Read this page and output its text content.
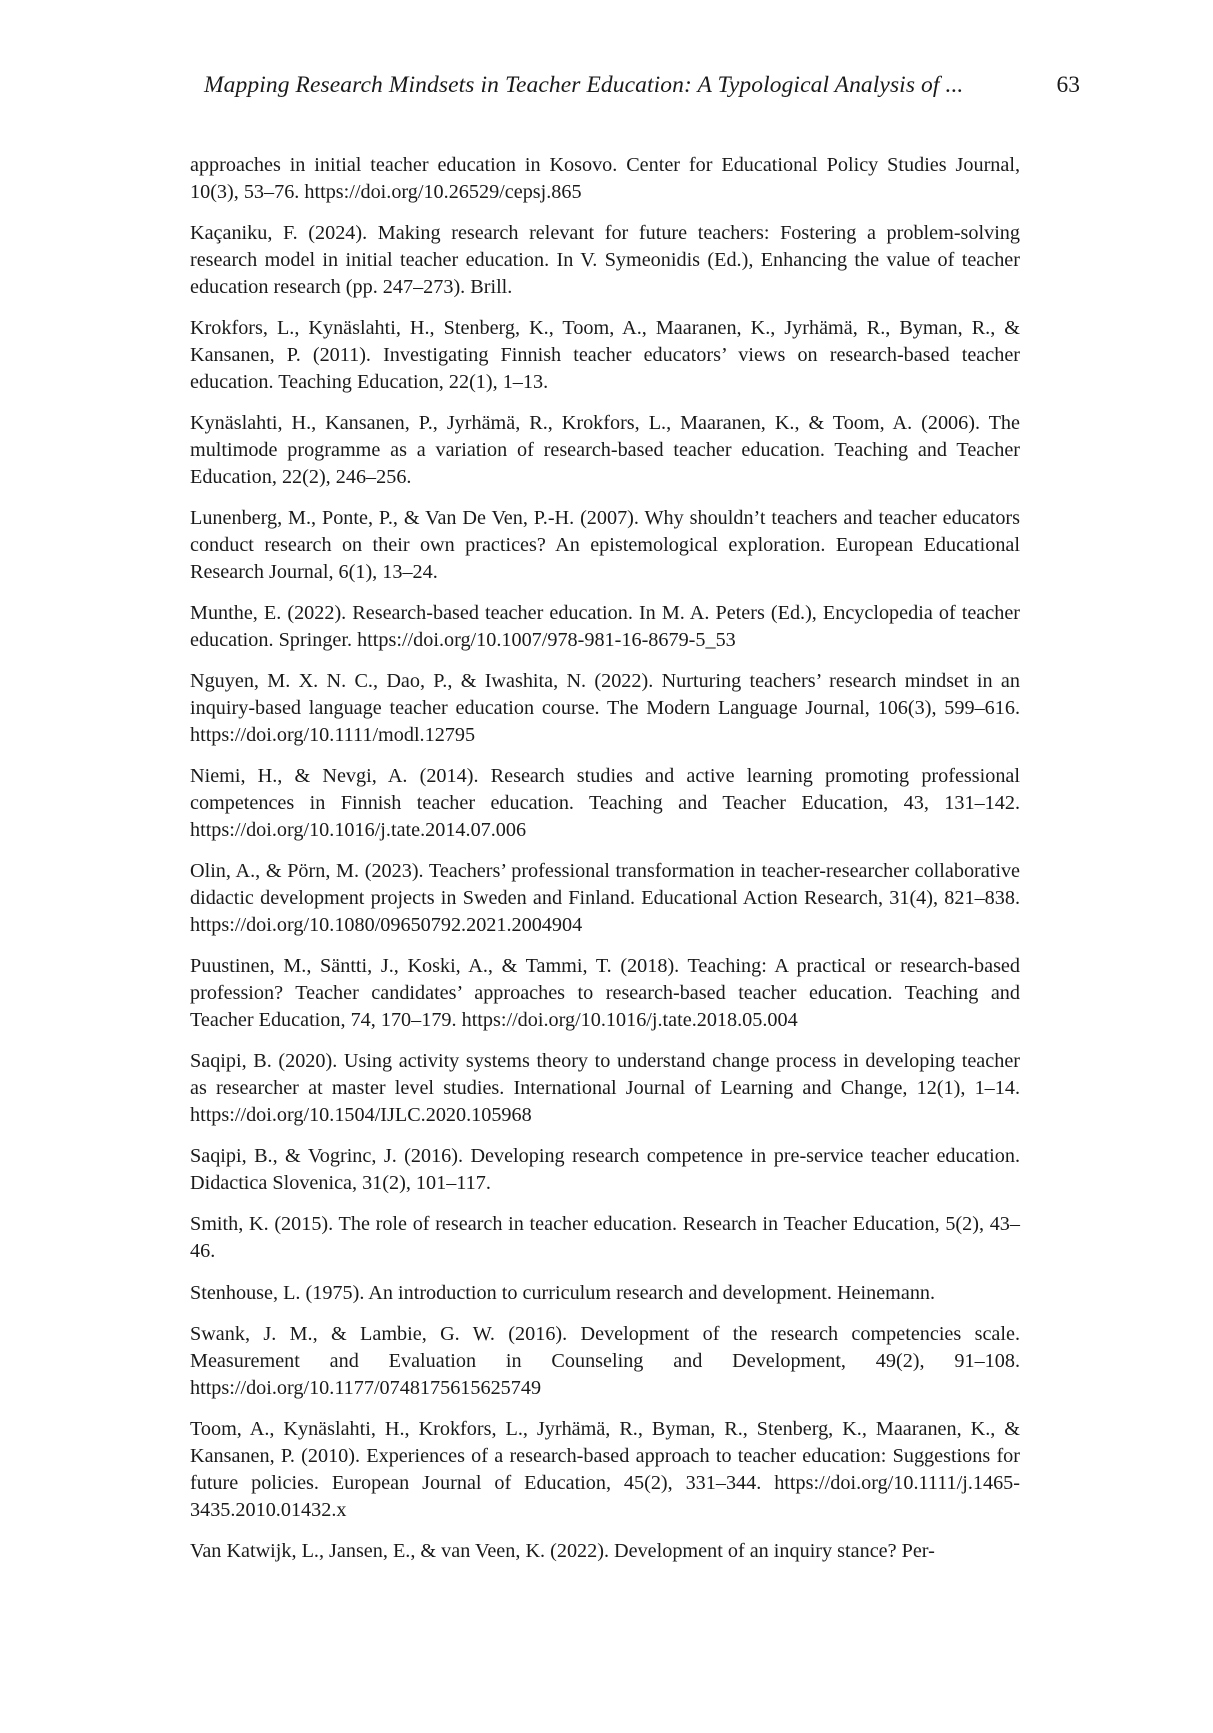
Mapping Research Mindsets in Teacher Education: A Typological Analysis of ...	63

approaches in initial teacher education in Kosovo. Center for Educational Policy Studies Journal, 10(3), 53–76. https://doi.org/10.26529/cepsj.865

Kaçaniku, F. (2024). Making research relevant for future teachers: Fostering a problem-solving research model in initial teacher education. In V. Symeonidis (Ed.), Enhancing the value of teacher education research (pp. 247–273). Brill.

Krokfors, L., Kynäslahti, H., Stenberg, K., Toom, A., Maaranen, K., Jyrhämä, R., Byman, R., & Kansanen, P. (2011). Investigating Finnish teacher educators’ views on research-based teacher education. Teaching Education, 22(1), 1–13.

Kynäslahti, H., Kansanen, P., Jyrhämä, R., Krokfors, L., Maaranen, K., & Toom, A. (2006). The multimode programme as a variation of research-based teacher education. Teaching and Teacher Education, 22(2), 246–256.

Lunenberg, M., Ponte, P., & Van De Ven, P.-H. (2007). Why shouldn’t teachers and teacher educators conduct research on their own practices? An epistemological exploration. European Educational Research Journal, 6(1), 13–24.

Munthe, E. (2022). Research-based teacher education. In M. A. Peters (Ed.), Encyclopedia of teacher education. Springer. https://doi.org/10.1007/978-981-16-8679-5_53

Nguyen, M. X. N. C., Dao, P., & Iwashita, N. (2022). Nurturing teachers’ research mindset in an inquiry-based language teacher education course. The Modern Language Journal, 106(3), 599–616. https://doi.org/10.1111/modl.12795

Niemi, H., & Nevgi, A. (2014). Research studies and active learning promoting professional competences in Finnish teacher education. Teaching and Teacher Education, 43, 131–142. https://doi.org/10.1016/j.tate.2014.07.006

Olin, A., & Pörn, M. (2023). Teachers’ professional transformation in teacher-researcher collaborative didactic development projects in Sweden and Finland. Educational Action Research, 31(4), 821–838. https://doi.org/10.1080/09650792.2021.2004904

Puustinen, M., Säntti, J., Koski, A., & Tammi, T. (2018). Teaching: A practical or research-based profession? Teacher candidates’ approaches to research-based teacher education. Teaching and Teacher Education, 74, 170–179. https://doi.org/10.1016/j.tate.2018.05.004

Saqipi, B. (2020). Using activity systems theory to understand change process in developing teacher as researcher at master level studies. International Journal of Learning and Change, 12(1), 1–14. https://doi.org/10.1504/IJLC.2020.105968

Saqipi, B., & Vogrinc, J. (2016). Developing research competence in pre-service teacher education. Didactica Slovenica, 31(2), 101–117.

Smith, K. (2015). The role of research in teacher education. Research in Teacher Education, 5(2), 43–46.

Stenhouse, L. (1975). An introduction to curriculum research and development. Heinemann.

Swank, J. M., & Lambie, G. W. (2016). Development of the research competencies scale. Measurement and Evaluation in Counseling and Development, 49(2), 91–108. https://doi.org/10.1177/0748175615625749

Toom, A., Kynäslahti, H., Krokfors, L., Jyrhämä, R., Byman, R., Stenberg, K., Maaranen, K., & Kansanen, P. (2010). Experiences of a research-based approach to teacher education: Suggestions for future policies. European Journal of Education, 45(2), 331–344. https://doi.org/10.1111/j.1465-3435.2010.01432.x

Van Katwijk, L., Jansen, E., & van Veen, K. (2022). Development of an inquiry stance? Per-
